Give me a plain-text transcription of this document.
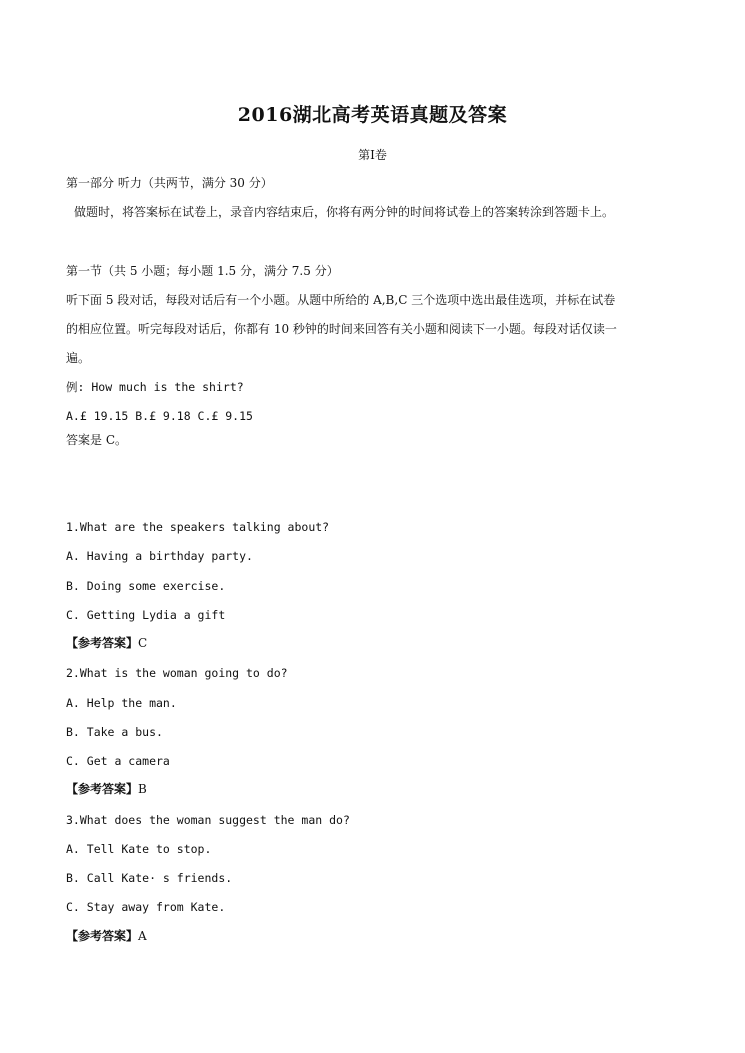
2016湖北高考英语真题及答案
第Ⅰ卷
第一部分 听力（共两节，满分 30 分）
做题时，将答案标在试卷上，录音内容结束后，你将有两分钟的时间将试卷上的答案转涂到答题卡上。
第一节（共 5 小题；每小题 1.5 分，满分 7.5 分）
听下面 5 段对话，每段对话后有一个小题。从题中所给的 A,B,C 三个选项中选出最佳选项，并标在试卷
的相应位置。听完每段对话后，你都有 10 秒钟的时间来回答有关小题和阅读下一小题。每段对话仅读一
遍。
例: How much is the shirt?
A.£ 19.15 B.£ 9.18 C.£ 9.15
答案是 C。
1.What are the speakers talking about?
A. Having a birthday party.
B. Doing some exercise.
C. Getting Lydia a gift
【参考答案】C
2.What is the woman going to do?
A. Help the man.
B. Take a bus.
C. Get a camera
【参考答案】B
3.What does the woman suggest the man do?
A. Tell Kate to stop.
B. Call Kate· s friends.
C. Stay away from Kate.
【参考答案】A
